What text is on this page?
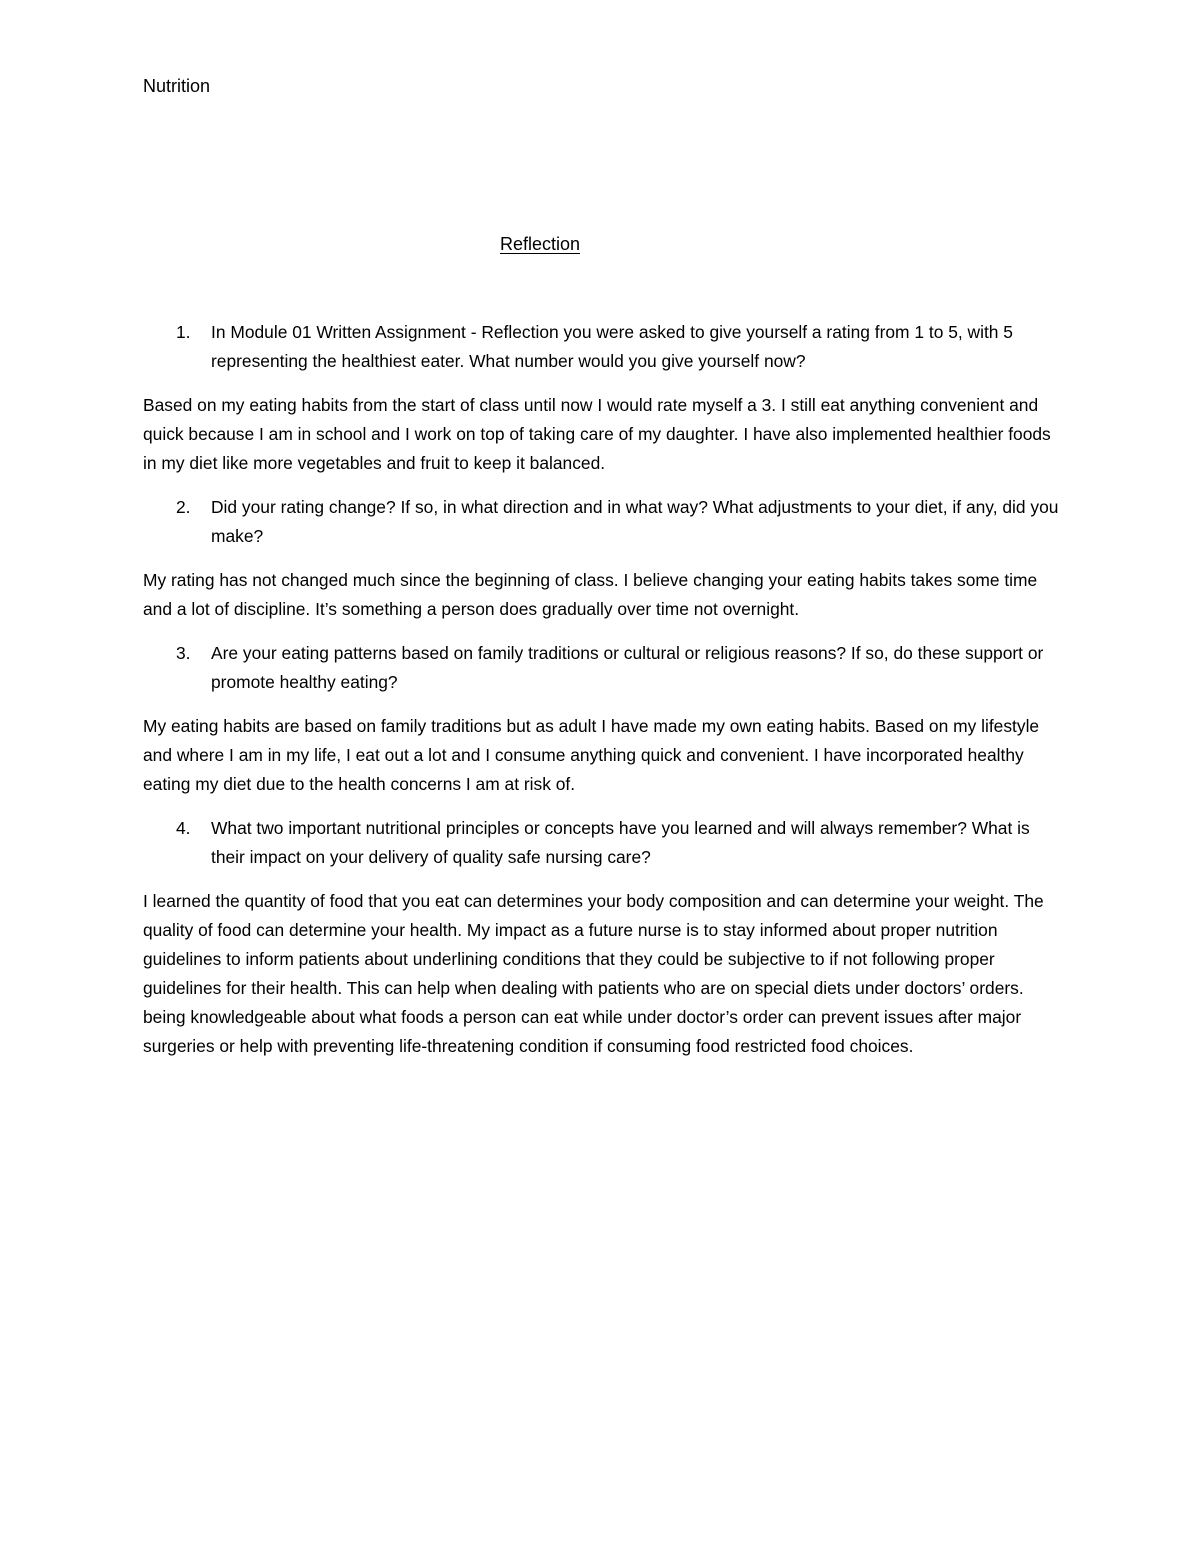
Nutrition
Reflection
1. In Module 01 Written Assignment - Reflection you were asked to give yourself a rating from 1 to 5, with 5 representing the healthiest eater. What number would you give yourself now?

Based on my eating habits from the start of class until now I would rate myself a 3. I still eat anything convenient and quick because I am in school and I work on top of taking care of my daughter. I have also implemented healthier foods in my diet like more vegetables and fruit to keep it balanced.

2. Did your rating change? If so, in what direction and in what way? What adjustments to your diet, if any, did you make?

My rating has not changed much since the beginning of class. I believe changing your eating habits takes some time and a lot of discipline. It’s something a person does gradually over time not overnight.

3. Are your eating patterns based on family traditions or cultural or religious reasons? If so, do these support or promote healthy eating?

My eating habits are based on family traditions but as adult I have made my own eating habits. Based on my lifestyle and where I am in my life, I eat out a lot and I consume anything quick and convenient. I have incorporated healthy eating my diet due to the health concerns I am at risk of.

4. What two important nutritional principles or concepts have you learned and will always remember? What is their impact on your delivery of quality safe nursing care?

I learned the quantity of food that you eat can determines your body composition and can determine your weight. The quality of food can determine your health. My impact as a future nurse is to stay informed about proper nutrition guidelines to inform patients about underlining conditions that they could be subjective to if not following proper guidelines for their health. This can help when dealing with patients who are on special diets under doctors’ orders. being knowledgeable about what foods a person can eat while under doctor’s order can prevent issues after major surgeries or help with preventing life-threatening condition if consuming food restricted food choices.
